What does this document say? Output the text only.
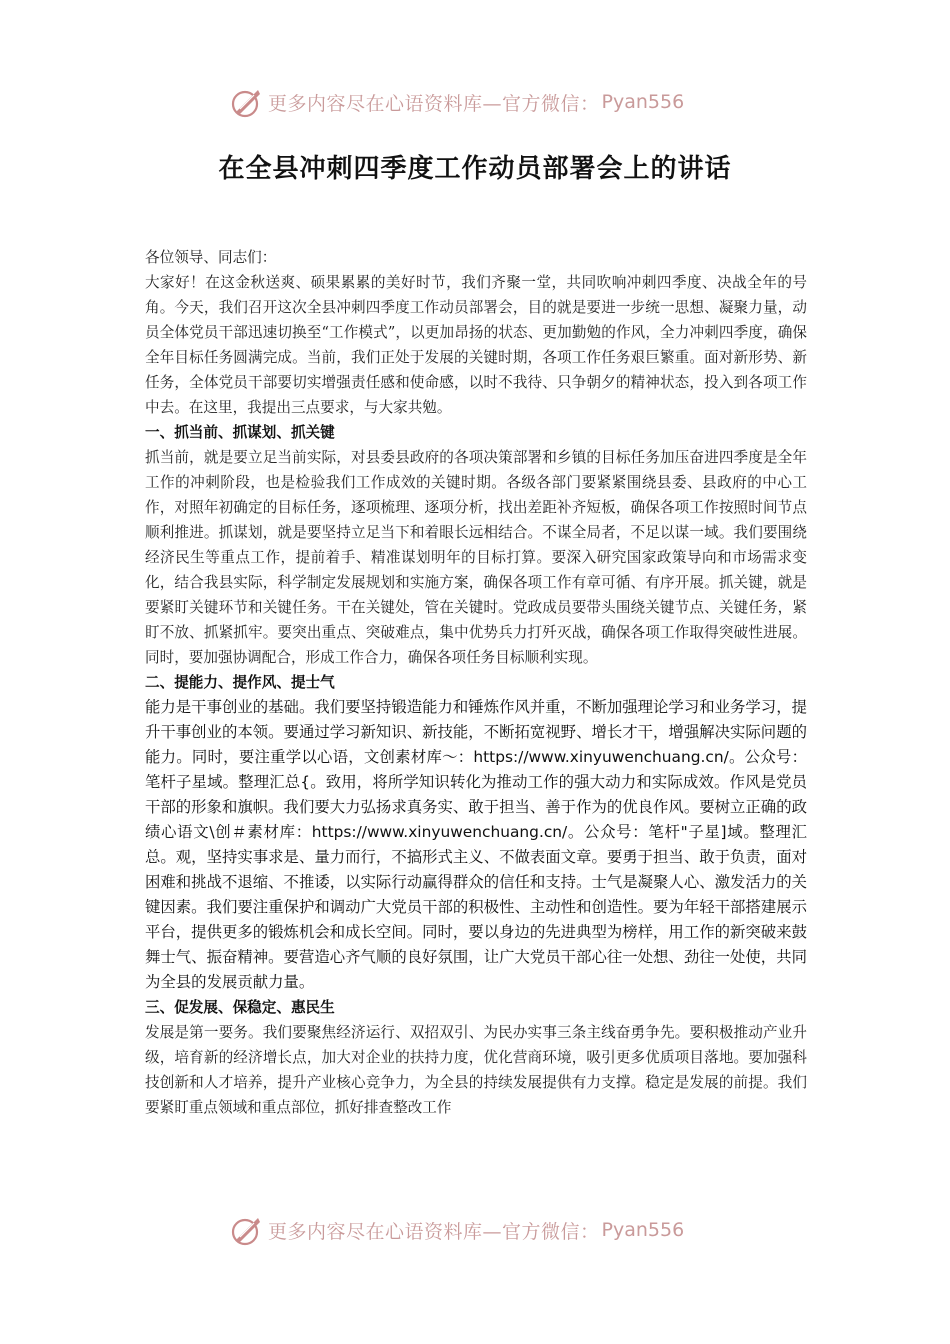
更多内容尽在心语资料库—官方微信： Pyan556
在全县冲刺四季度工作动员部署会上的讲话

各位领导、同志们：

大家好！在这金秋送爽、硕果累累的美好时节，我们齐聚一堂，共同吹响冲刺四季度、决战全年的号角。今天，我们召开这次全县冲刺四季度工作动员部署会，目的就是要进一步统一思想、凝聚力量，动员全体党员干部迅速切换至“工作模式”，以更加昂扬的状态、更加勤勉的作风，全力冲刺四季度，确保全年目标任务圆满完成。当前，我们正处于发展的关键时期，各项工作任务艰巨繁重。面对新形势、新任务，全体党员干部要切实增强责任感和使命感，以时不我待、只争朝夕的精神状态，投入到各项工作中去。在这里，我提出三点要求，与大家共勉。

一、抓当前、抓谋划、抓关键

抓当前，就是要立足当前实际，对县委县政府的各项决策部署和乡镇的目标任务加压奋进四季度是全年工作的冲刺阶段，也是检验我们工作成效的关键时期。各级各部门要紧紧围绕县委、县政府的中心工作，对照年初确定的目标任务，逐项梳理、逐项分析，找出差距补齐短板，确保各项工作按照时间节点顺利推进。抓谋划，就是要坚持立足当下和着眼长远相结合。不谋全局者，不足以谋一域。我们要围绕经济民生等重点工作，提前着手、精准谋划明年的目标打算。要深入研究国家政策导向和市场需求变化，结合我县实际，科学制定发展规划和实施方案，确保各项工作有章可循、有序开展。抓关键，就是要紧盯关键环节和关键任务。干在关键处，管在关键时。党政成员要带头围绕关键节点、关键任务，紧盯不放、抓紧抓牢。要突出重点、突破难点，集中优势兵力打歼灭战，确保各项工作取得突破性进展。同时，要加强协调配合，形成工作合力，确保各项任务目标顺利实现。

二、提能力、提作风、提士气

能力是干事创业的基础。我们要坚持锻造能力和锤炼作风并重，不断加强理论学习和业务学习，提升干事创业的本领。要通过学习新知识、新技能，不断拓宽视野、增长才干，增强解决实际问题的能力。同时，要注重学以心语，文创素材库～：https://www.xinyuwenchuang.cn/。公众号：笔杆子星域。整理汇总{。致用，将所学知识转化为推动工作的强大动力和实际成效。作风是党员干部的形象和旗帜。我们要大力弘扬求真务实、敢于担当、善于作为的优良作风。要树立正确的政绩心语文\创＃素材库：https://www.xinyuwenchuang.cn/。公众号：笔杆"子星]域。整理汇总。观，坚持实事求是、量力而行，不搞形式主义、不做表面文章。要勇于担当、敢于负责，面对困难和挑战不退缩、不推诿，以实际行动赢得群众的信任和支持。士气是凝聚人心、激发活力的关键因素。我们要注重保护和调动广大党员干部的积极性、主动性和创造性。要为年轻干部搭建展示平台，提供更多的锻炼机会和成长空间。同时，要以身边的先进典型为榜样，用工作的新突破来鼓舞士气、振奋精神。要营造心齐气顺的良好氛围，让广大党员干部心往一处想、劲往一处使，共同为全县的发展贡献力量。

三、促发展、保稳定、惠民生

发展是第一要务。我们要聚焦经济运行、双招双引、为民办实事三条主线奋勇争先。要积极推动产业升级，培育新的经济增长点，加大对企业的扶持力度，优化营商环境，吸引更多优质项目落地。要加强科技创新和人才培养，提升产业核心竞争力，为全县的持续发展提供有力支撑。稳定是发展的前提。我们要紧盯重点领域和重点部位，抓好排查整改工作

更多内容尽在心语资料库—官方微信： Pyan556
